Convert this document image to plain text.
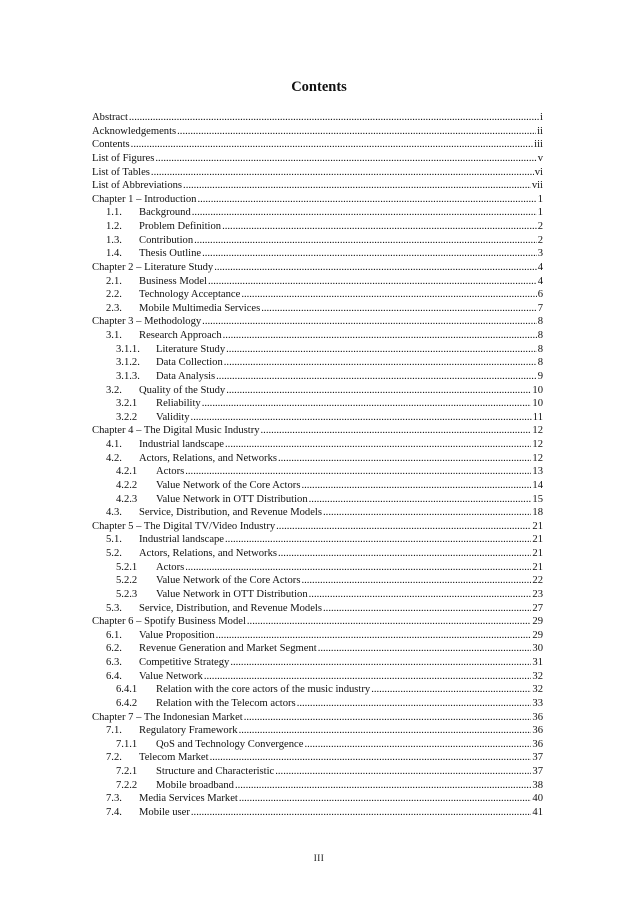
Contents
Abstract .....	i
Acknowledgements .....	ii
Contents .....	iii
List of Figures .....	v
List of Tables .....	vi
List of Abbreviations .....	vii
Chapter 1 – Introduction .....	1
1.1.	Background .....	1
1.2.	Problem Definition .....	2
1.3.	Contribution .....	2
1.4.	Thesis Outline .....	3
Chapter 2 – Literature Study .....	4
2.1.	Business Model .....	4
2.2.	Technology Acceptance .....	6
2.3.	Mobile Multimedia Services .....	7
Chapter 3 – Methodology .....	8
3.1.	Research Approach .....	8
3.1.1.	Literature Study .....	8
3.1.2.	Data Collection .....	8
3.1.3.	Data Analysis .....	9
3.2.	Quality of the Study .....	10
3.2.1	Reliability .....	10
3.2.2	Validity .....	11
Chapter 4 – The Digital Music Industry .....	12
4.1.	Industrial landscape .....	12
4.2.	Actors, Relations, and Networks .....	12
4.2.1	Actors .....	13
4.2.2	Value Network of the Core Actors .....	14
4.2.3	Value Network in OTT Distribution .....	15
4.3.	Service, Distribution, and Revenue Models .....	18
Chapter 5 – The Digital TV/Video Industry .....	21
5.1.	Industrial landscape .....	21
5.2.	Actors, Relations, and Networks .....	21
5.2.1	Actors .....	21
5.2.2	Value Network of the Core Actors .....	22
5.2.3	Value Network in OTT Distribution .....	23
5.3.	Service, Distribution, and Revenue Models .....	27
Chapter 6 – Spotify Business Model .....	29
6.1.	Value Proposition .....	29
6.2.	Revenue Generation and Market Segment .....	30
6.3.	Competitive Strategy .....	31
6.4.	Value Network .....	32
6.4.1	Relation with the core actors of the music industry .....	32
6.4.2	Relation with the Telecom actors .....	33
Chapter 7 – The Indonesian Market .....	36
7.1.	Regulatory Framework .....	36
7.1.1	QoS and Technology Convergence .....	36
7.2.	Telecom Market .....	37
7.2.1	Structure and Characteristic .....	37
7.2.2	Mobile broadband .....	38
7.3.	Media Services Market .....	40
7.4.	Mobile user .....	41
III
